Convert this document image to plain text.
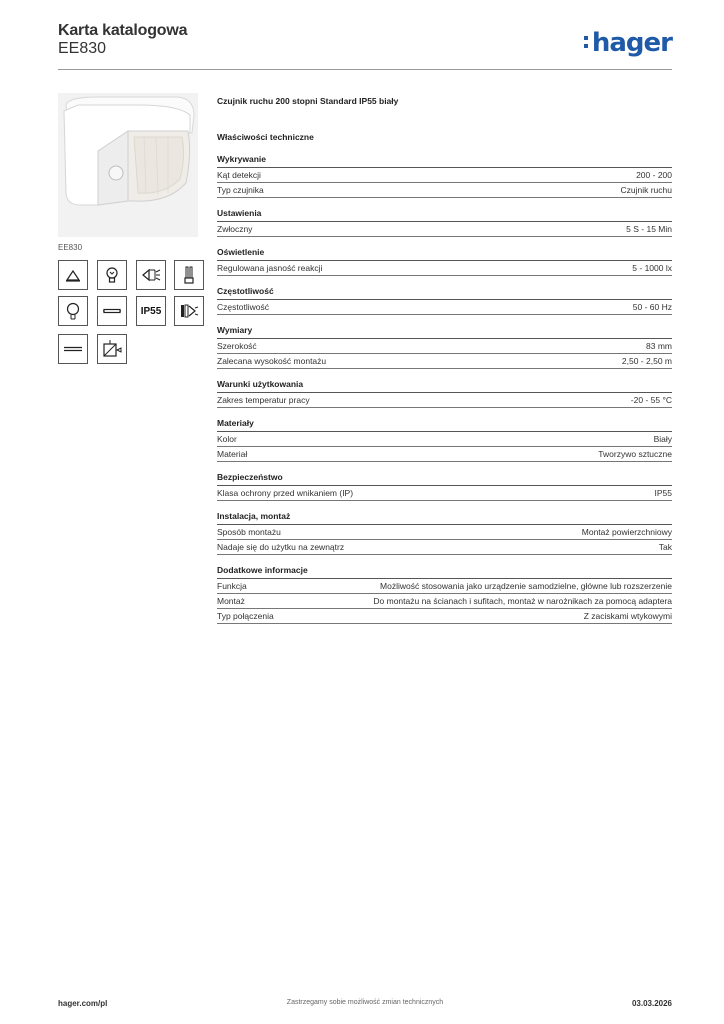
Karta katalogowa
EE830	hager
EE830
IP55
Czujnik ruchu 200 stopni Standard IP55 biały
Właściwości techniczne
Wykrywanie
Kąt detekcji	200 - 200
Typ czujnika	Czujnik ruchu
Ustawienia
Zwłoczny	5 S - 15 Min
Oświetlenie
Regulowana jasność reakcji	5 - 1000 lx
Częstotliwość
Częstotliwość	50 - 60 Hz
Wymiary
Szerokość	83 mm
Zalecana wysokość montażu	2,50 - 2,50 m
Warunki użytkowania
Zakres temperatur pracy	-20 - 55 °C
Materiały
Kolor	Biały
Materiał	Tworzywo sztuczne
Bezpieczeństwo
Klasa ochrony przed wnikaniem (IP)	IP55
Instalacja, montaż
Sposób montażu	Montaż powierzchniowy
Nadaje się do użytku na zewnątrz	Tak
Dodatkowe informacje
Funkcja	Możliwość stosowania jako urządzenie samodzielne, główne lub rozszerzenie
Montaż	Do montażu na ścianach i sufitach, montaż w narożnikach za pomocą adaptera
Typ połączenia	Z zaciskami wtykowymi
hager.com/pl	Zastrzegamy sobie możliwość zmian technicznych	03.03.2026
